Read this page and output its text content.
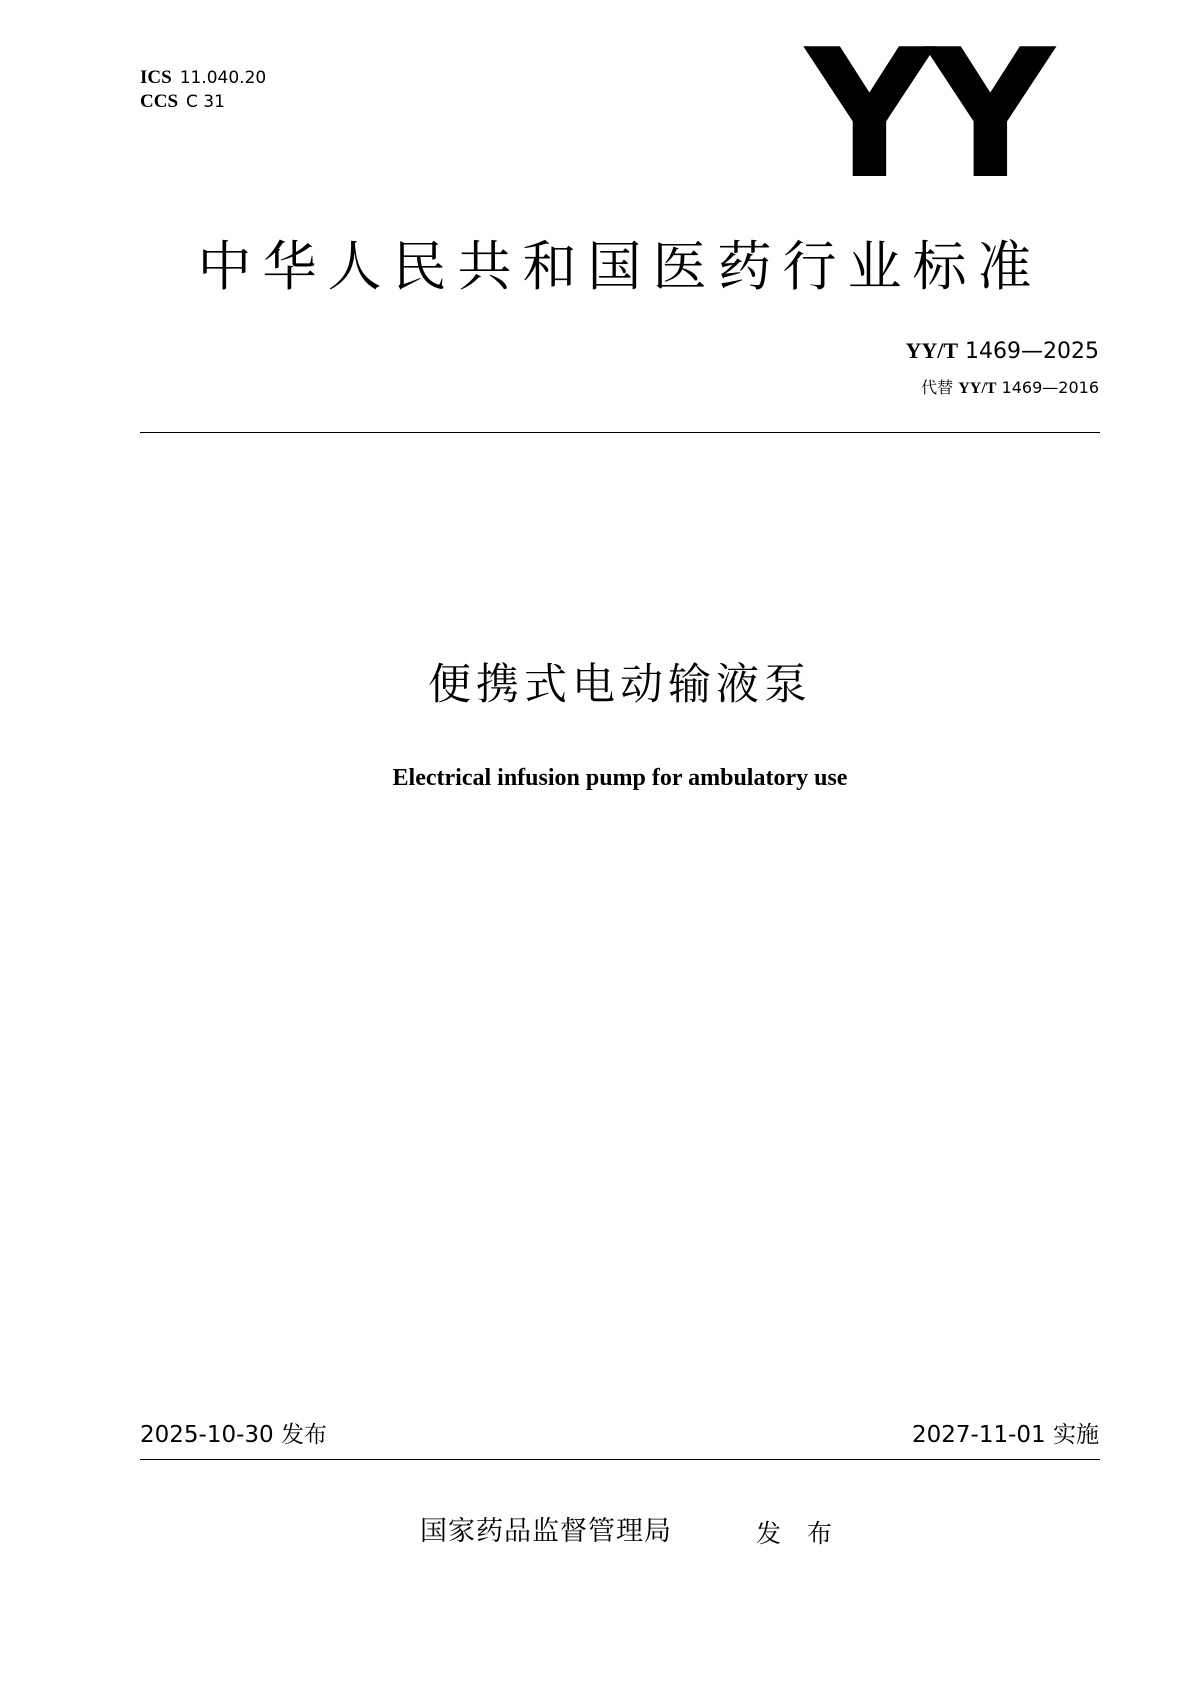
ICS 11.040.20
CCS C 31	YY
中华人民共和国医药行业标准
YY/T 1469—2025
代替 YY/T 1469—2016
便携式电动输液泵
Electrical infusion pump for ambulatory use
2025-10-30 发布	2027-11-01 实施
国家药品监督管理局	发 布
